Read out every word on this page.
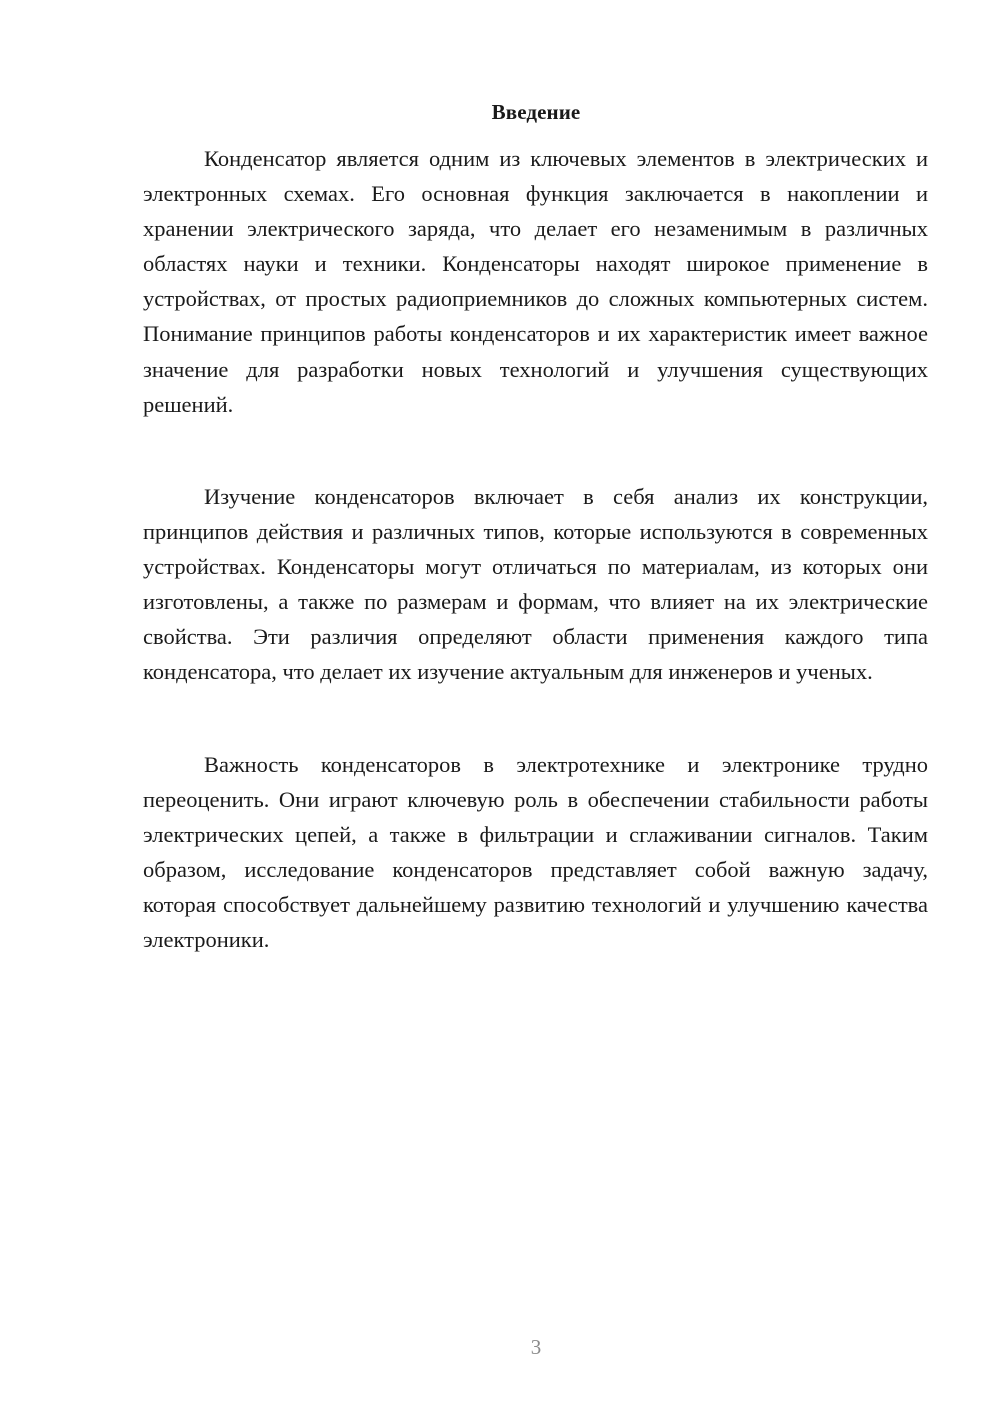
Введение

Конденсатор является одним из ключевых элементов в электрических и электронных схемах. Его основная функция заключается в накоплении и хранении электрического заряда, что делает его незаменимым в различных областях науки и техники. Конденсаторы находят широкое применение в устройствах, от простых радиоприемников до сложных компьютерных систем. Понимание принципов работы конденсаторов и их характеристик имеет важное значение для разработки новых технологий и улучшения существующих решений.

Изучение конденсаторов включает в себя анализ их конструкции, принципов действия и различных типов, которые используются в современных устройствах. Конденсаторы могут отличаться по материалам, из которых они изготовлены, а также по размерам и формам, что влияет на их электрические свойства. Эти различия определяют области применения каждого типа конденсатора, что делает их изучение актуальным для инженеров и ученых.

Важность конденсаторов в электротехнике и электронике трудно переоценить. Они играют ключевую роль в обеспечении стабильности работы электрических цепей, а также в фильтрации и сглаживании сигналов. Таким образом, исследование конденсаторов представляет собой важную задачу, которая способствует дальнейшему развитию технологий и улучшению качества электроники.

3
